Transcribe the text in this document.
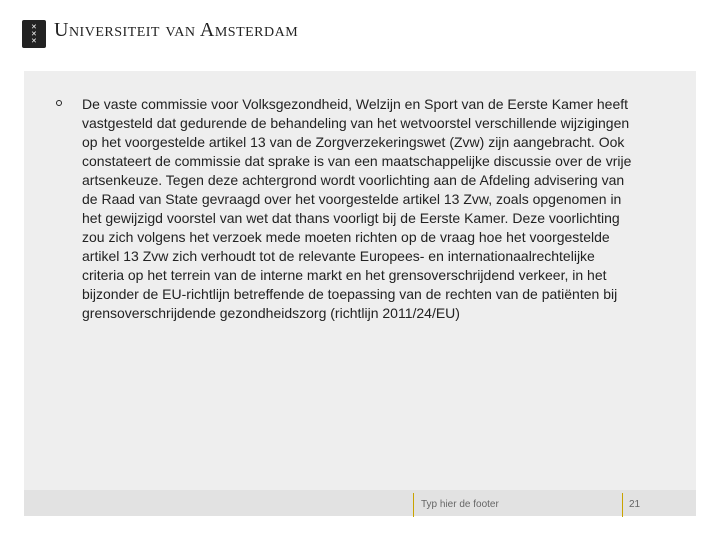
✕
✕
✕ Universiteit van Amsterdam
De vaste commissie voor Volksgezondheid, Welzijn en Sport van de Eerste Kamer heeft vastgesteld dat gedurende de behandeling van het wetvoorstel verschillende wijzigingen op het voorgestelde artikel 13 van de Zorgverzekeringswet (Zvw) zijn aangebracht. Ook constateert de commissie dat sprake is van een maatschappelijke discussie over de vrije artsenkeuze. Tegen deze achtergrond wordt voorlichting aan de Afdeling advisering van de Raad van State gevraagd over het voorgestelde artikel 13 Zvw, zoals opgenomen in het gewijzigd voorstel van wet dat thans voorligt bij de Eerste Kamer. Deze voorlichting zou zich volgens het verzoek mede moeten richten op de vraag hoe het voorgestelde artikel 13 Zvw zich verhoudt tot de relevante Europees- en internationaalrechtelijke criteria op het terrein van de interne markt en het grensoverschrijdend verkeer, in het bijzonder de EU-richtlijn betreffende de toepassing van de rechten van de patiënten bij grensoverschrijdende gezondheidszorg (richtlijn 2011/24/EU)
Typ hier de footer	21
